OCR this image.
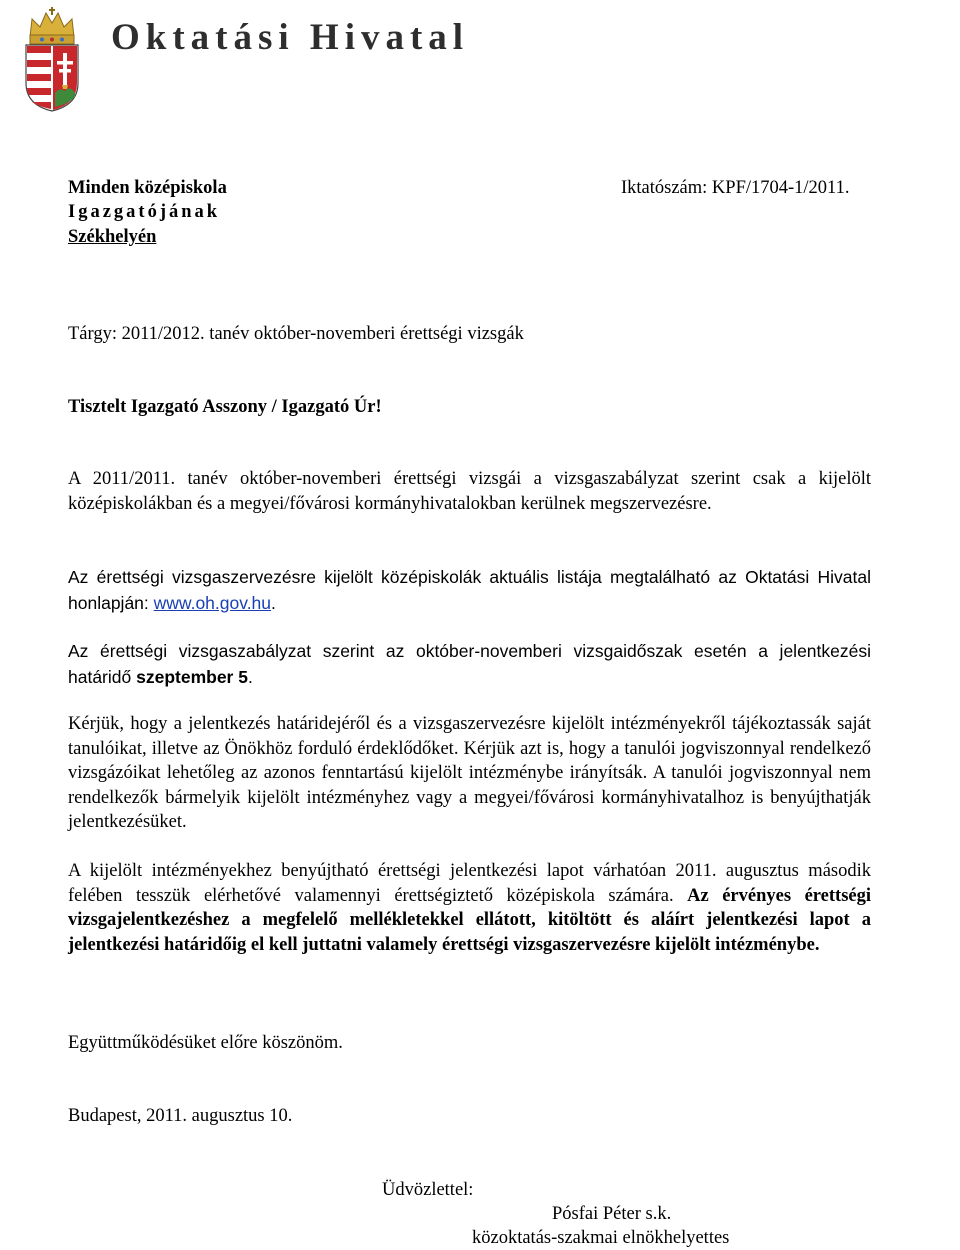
Oktatási Hivatal
Minden középiskola
Igazgatójának
Székhelyén
Iktatószám: KPF/1704-1/2011.
Tárgy: 2011/2012. tanév október-novemberi érettségi vizsgák
Tisztelt Igazgató Asszony / Igazgató Úr!
A 2011/2011. tanév október-novemberi érettségi vizsgái a vizsgaszabályzat szerint csak a kijelölt középiskolákban és a megyei/fővárosi kormányhivatalokban kerülnek megszervezésre.
Az érettségi vizsgaszervezésre kijelölt középiskolák aktuális listája megtalálható az Oktatási Hivatal honlapján: www.oh.gov.hu.
Az érettségi vizsgaszabályzat szerint az október-novemberi vizsgaidőszak esetén a jelentkezési határidő szeptember 5.
Kérjük, hogy a jelentkezés határidejéről és a vizsgaszervezésre kijelölt intézményekről tájékoztassák saját tanulóikat, illetve az Önökhöz forduló érdeklődőket. Kérjük azt is, hogy a tanulói jogviszonnyal rendelkező vizsgázóikat lehetőleg az azonos fenntartású kijelölt intézménybe irányítsák. A tanulói jogviszonnyal nem rendelkezők bármelyik kijelölt intézményhez vagy a megyei/fővárosi kormányhivatalhoz is benyújthatják jelentkezésüket.
A kijelölt intézményekhez benyújtható érettségi jelentkezési lapot várhatóan 2011. augusztus második felében tesszük elérhetővé valamennyi érettségiztető középiskola számára. Az érvényes érettségi vizsgajelentkezéshez a megfelelő mellékletekkel ellátott, kitöltött és aláírt jelentkezési lapot a jelentkezési határidőig el kell juttatni valamely érettségi vizsgaszervezésre kijelölt intézménybe.
Együttműködésüket előre köszönöm.
Budapest, 2011. augusztus 10.
Üdvözlettel:
Pósfai Péter s.k.
közoktatás-szakmai elnökhelyettes
